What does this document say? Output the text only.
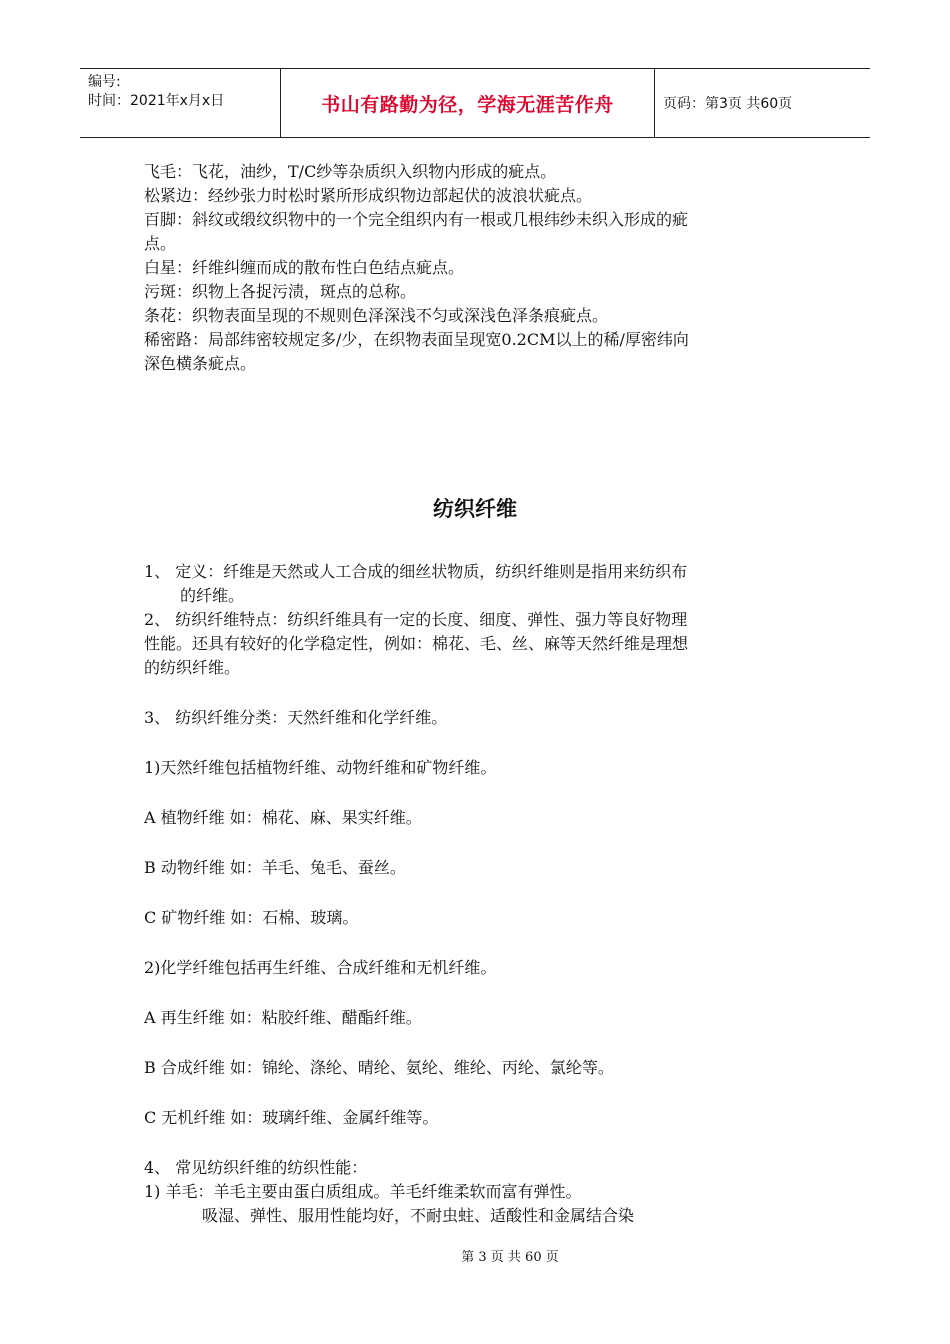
编号:
时间：2021年x月x日	书山有路勤为径，学海无涯苦作舟	页码：第3页 共60页

飞毛：飞花，油纱，T/C纱等杂质织入织物内形成的疵点。

松紧边：经纱张力时松时紧所形成织物边部起伏的波浪状疵点。

百脚：斜纹或缎纹织物中的一个完全组织内有一根或几根纬纱未织入形成的疵

点。

白星：纤维纠缠而成的散布性白色结点疵点。

污斑：织物上各捉污渍，斑点的总称。

条花：织物表面呈现的不规则色泽深浅不匀或深浅色泽条痕疵点。

稀密路：局部纬密较规定多/少，在织物表面呈现宽0.2CM以上的稀/厚密纬向

深色横条疵点。

纺织纤维

1、 定义：纤维是天然或人工合成的细丝状物质，纺织纤维则是指用来纺织布

的纤维。

2、 纺织纤维特点：纺织纤维具有一定的长度、细度、弹性、强力等良好物理

性能。还具有较好的化学稳定性，例如：棉花、毛、丝、麻等天然纤维是理想

的纺织纤维。

3、 纺织纤维分类：天然纤维和化学纤维。

1)天然纤维包括植物纤维、动物纤维和矿物纤维。

A 植物纤维 如：棉花、麻、果实纤维。

B 动物纤维 如：羊毛、兔毛、蚕丝。

C 矿物纤维 如：石棉、玻璃。

2)化学纤维包括再生纤维、合成纤维和无机纤维。

A 再生纤维 如：粘胶纤维、醋酯纤维。

B 合成纤维 如：锦纶、涤纶、晴纶、氨纶、维纶、丙纶、氯纶等。

C 无机纤维 如：玻璃纤维、金属纤维等。

4、 常见纺织纤维的纺织性能：

1) 羊毛：羊毛主要由蛋白质组成。羊毛纤维柔软而富有弹性。

吸湿、弹性、服用性能均好，不耐虫蛀、适酸性和金属结合染

第 3 页 共 60 页
